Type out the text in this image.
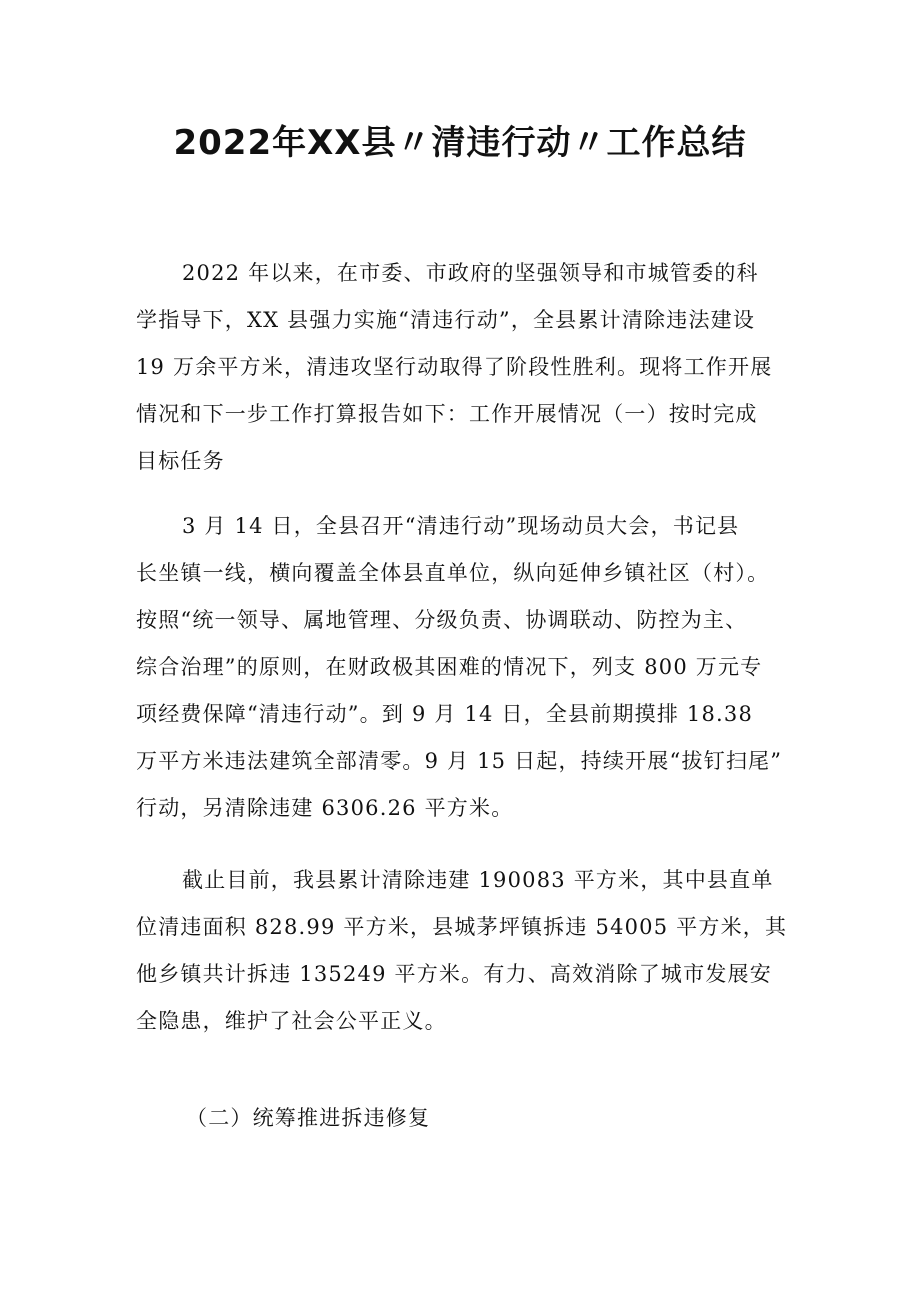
2022年XX县〃清违行动〃工作总结
2022 年以来，在市委、市政府的坚强领导和市城管委的科
学指导下，XX 县强力实施“清违行动”，全县累计清除违法建设
19 万余平方米，清违攻坚行动取得了阶段性胜利。现将工作开展
情况和下一步工作打算报告如下：工作开展情况（一）按时完成
目标任务
3 月 14 日，全县召开“清违行动”现场动员大会，书记县
长坐镇一线，横向覆盖全体县直单位，纵向延伸乡镇社区（村）。
按照“统一领导、属地管理、分级负责、协调联动、防控为主、
综合治理”的原则，在财政极其困难的情况下，列支 800 万元专
项经费保障“清违行动”。到 9 月 14 日，全县前期摸排 18.38
万平方米违法建筑全部清零。9 月 15 日起，持续开展“拔钉扫尾”
行动，另清除违建 6306.26 平方米。
截止目前，我县累计清除违建 190083 平方米，其中县直单
位清违面积 828.99 平方米，县城茅坪镇拆违 54005 平方米，其
他乡镇共计拆违 135249 平方米。有力、高效消除了城市发展安
全隐患，维护了社会公平正义。
（二）统筹推进拆违修复
